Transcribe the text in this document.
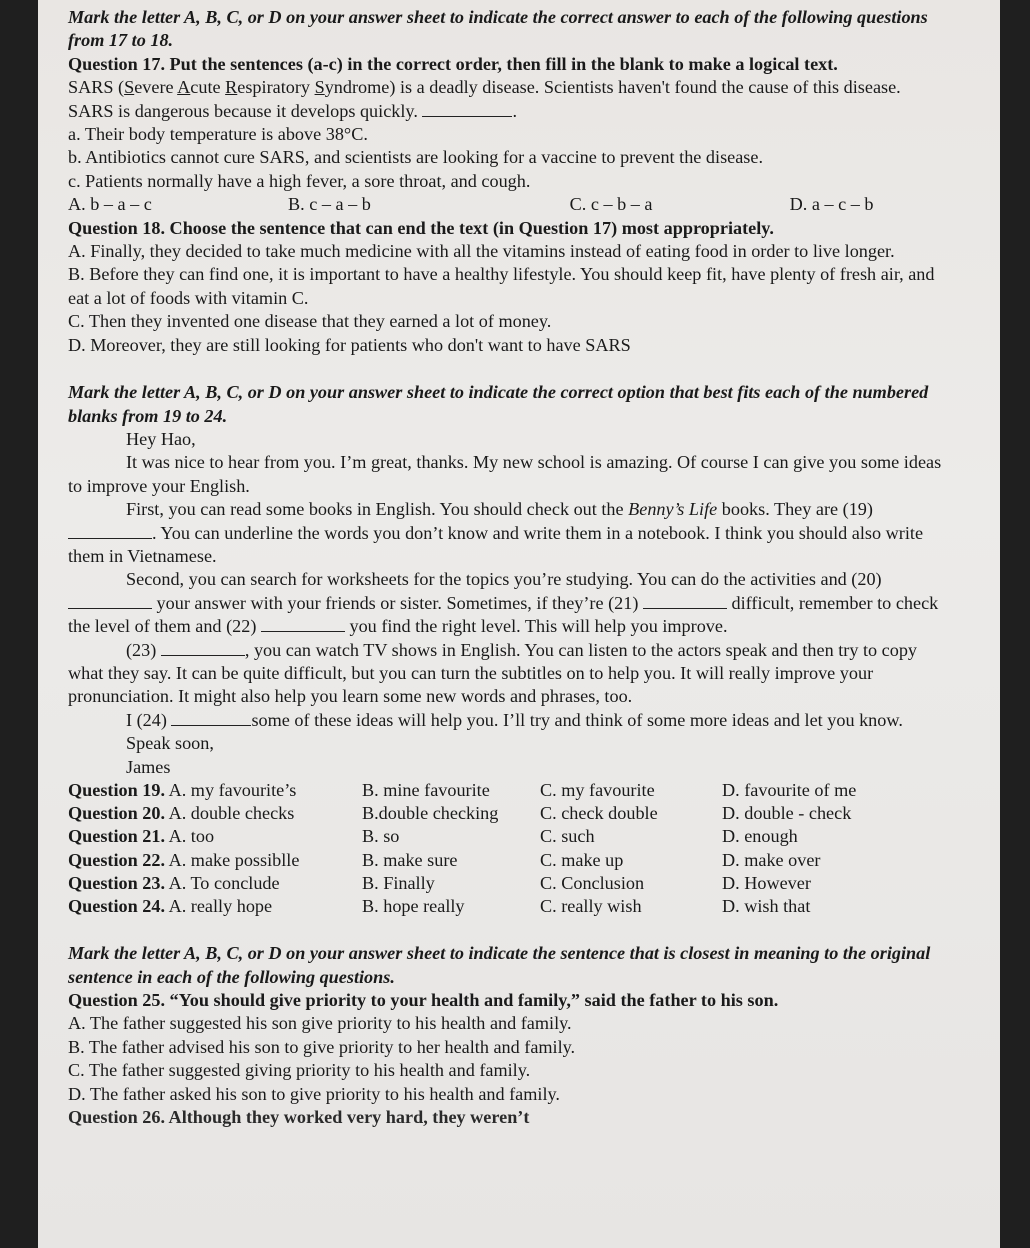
Mark the letter A, B, C, or D on your answer sheet to indicate the correct answer to each of the following questions from 17 to 18.

Question 17. Put the sentences (a-c) in the correct order, then fill in the blank to make a logical text.

SARS (Severe Acute Respiratory Syndrome) is a deadly disease. Scientists haven't found the cause of this disease. SARS is dangerous because it develops quickly.	.

a. Their body temperature is above 38°C.

b. Antibiotics cannot cure SARS, and scientists are looking for a vaccine to prevent the disease.

c. Patients normally have a high fever, a sore throat, and cough.

A. b – a – c	B. c – a – b	C. c – b – a	D. a – c – b

Question 18. Choose the sentence that can end the text (in Question 17) most appropriately.

A. Finally, they decided to take much medicine with all the vitamins instead of eating food in order to live longer.

B. Before they can find one, it is important to have a healthy lifestyle. You should keep fit, have plenty of fresh air, and eat a lot of foods with vitamin C.

C. Then they invented one disease that they earned a lot of money.

D. Moreover, they are still looking for patients who don't want to have SARS

Mark the letter A, B, C, or D on your answer sheet to indicate the correct option that best fits each of the numbered blanks from 19 to 24.

Hey Hao,

It was nice to hear from you. I’m great, thanks. My new school is amazing. Of course I can give you some ideas to improve your English.

First, you can read some books in English. You should check out the Benny’s Life books. They are (19) . You can underline the words you don’t know and write them in a notebook. I think you should also write them in Vietnamese.

Second, you can search for worksheets for the topics you’re studying. You can do the activities and (20)  your answer with your friends or sister. Sometimes, if they’re (21)	difficult, remember to check the level of them and (22)	you find the right level. This will help you improve.

(23)	, you can watch TV shows in English. You can listen to the actors speak and then try to copy what they say. It can be quite difficult, but you can turn the subtitles on to help you. It will really improve your pronunciation. It might also help you learn some new words and phrases, too.

I (24)	some of these ideas will help you. I’ll try and think of some more ideas and let you know.

Speak soon,

James

Question 19. A. my favourite’s	B. mine favourite	C. my favourite	D. favourite of me
Question 20. A. double checks	B.double checking	C. check double	D. double - check
Question 21. A. too	B. so	C. such	D. enough
Question 22. A. make possiblle	B. make sure	C. make up	D. make over
Question 23. A. To conclude	B. Finally	C. Conclusion	D. However
Question 24. A. really hope	B. hope really	C. really wish	D. wish that

Mark the letter A, B, C, or D on your answer sheet to indicate the sentence that is closest in meaning to the original sentence in each of the following questions.

Question 25. “You should give priority to your health and family,” said the father to his son.

A. The father suggested his son give priority to his health and family.

B. The father advised his son to give priority to her health and family.

C. The father suggested giving priority to his health and family.

D. The father asked his son to give priority to his health and family.

Question 26. Although they worked very hard, they weren’t
